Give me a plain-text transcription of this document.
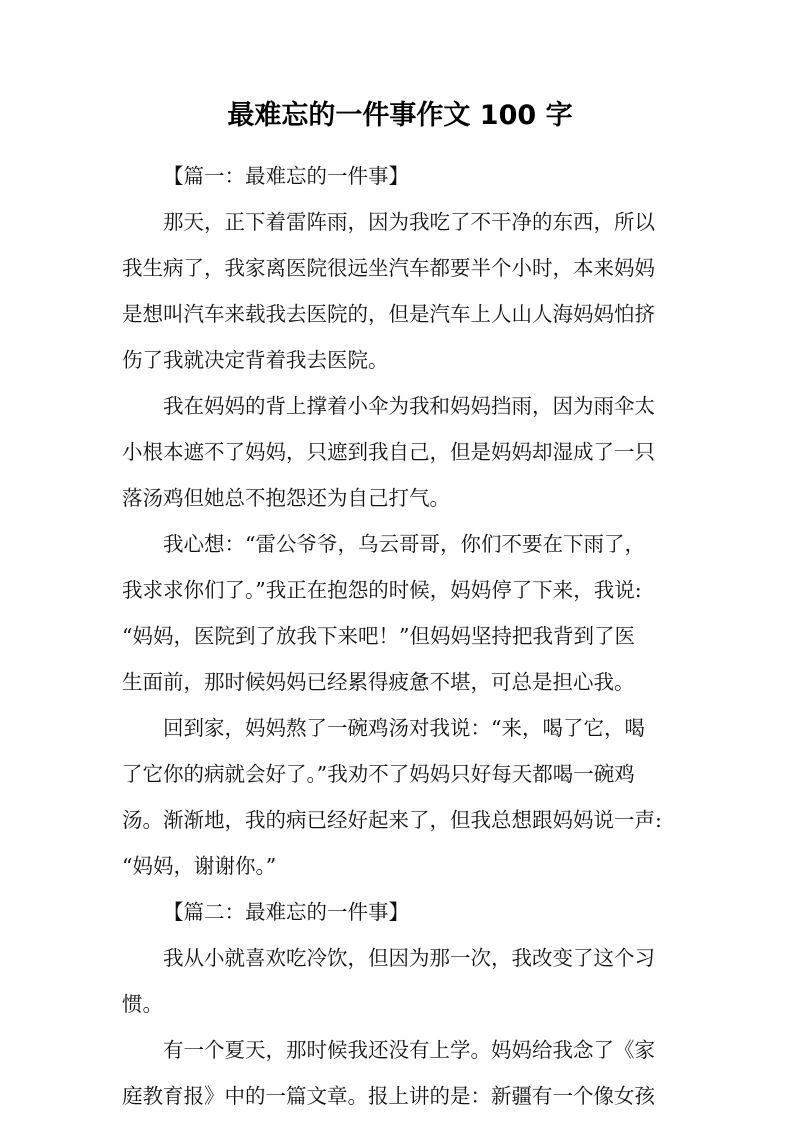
最难忘的一件事作文 100 字
【篇一：最难忘的一件事】
那天，正下着雷阵雨，因为我吃了不干净的东西，所以
我生病了，我家离医院很远坐汽车都要半个小时，本来妈妈
是想叫汽车来载我去医院的，但是汽车上人山人海妈妈怕挤
伤了我就决定背着我去医院。
我在妈妈的背上撑着小伞为我和妈妈挡雨，因为雨伞太
小根本遮不了妈妈，只遮到我自己，但是妈妈却湿成了一只
落汤鸡但她总不抱怨还为自己打气。
我心想：“雷公爷爷，乌云哥哥，你们不要在下雨了，
我求求你们了。”我正在抱怨的时候，妈妈停了下来，我说:
“妈妈，医院到了放我下来吧！”但妈妈坚持把我背到了医
生面前，那时候妈妈已经累得疲惫不堪，可总是担心我。
回到家，妈妈熬了一碗鸡汤对我说：“来，喝了它，喝
了它你的病就会好了。”我劝不了妈妈只好每天都喝一碗鸡
汤。渐渐地，我的病已经好起来了，但我总想跟妈妈说一声:
“妈妈，谢谢你。”
【篇二：最难忘的一件事】
我从小就喜欢吃冷饮，但因为那一次，我改变了这个习
惯。
有一个夏天，那时候我还没有上学。妈妈给我念了《家
庭教育报》中的一篇文章。报上讲的是：新疆有一个像女孩
